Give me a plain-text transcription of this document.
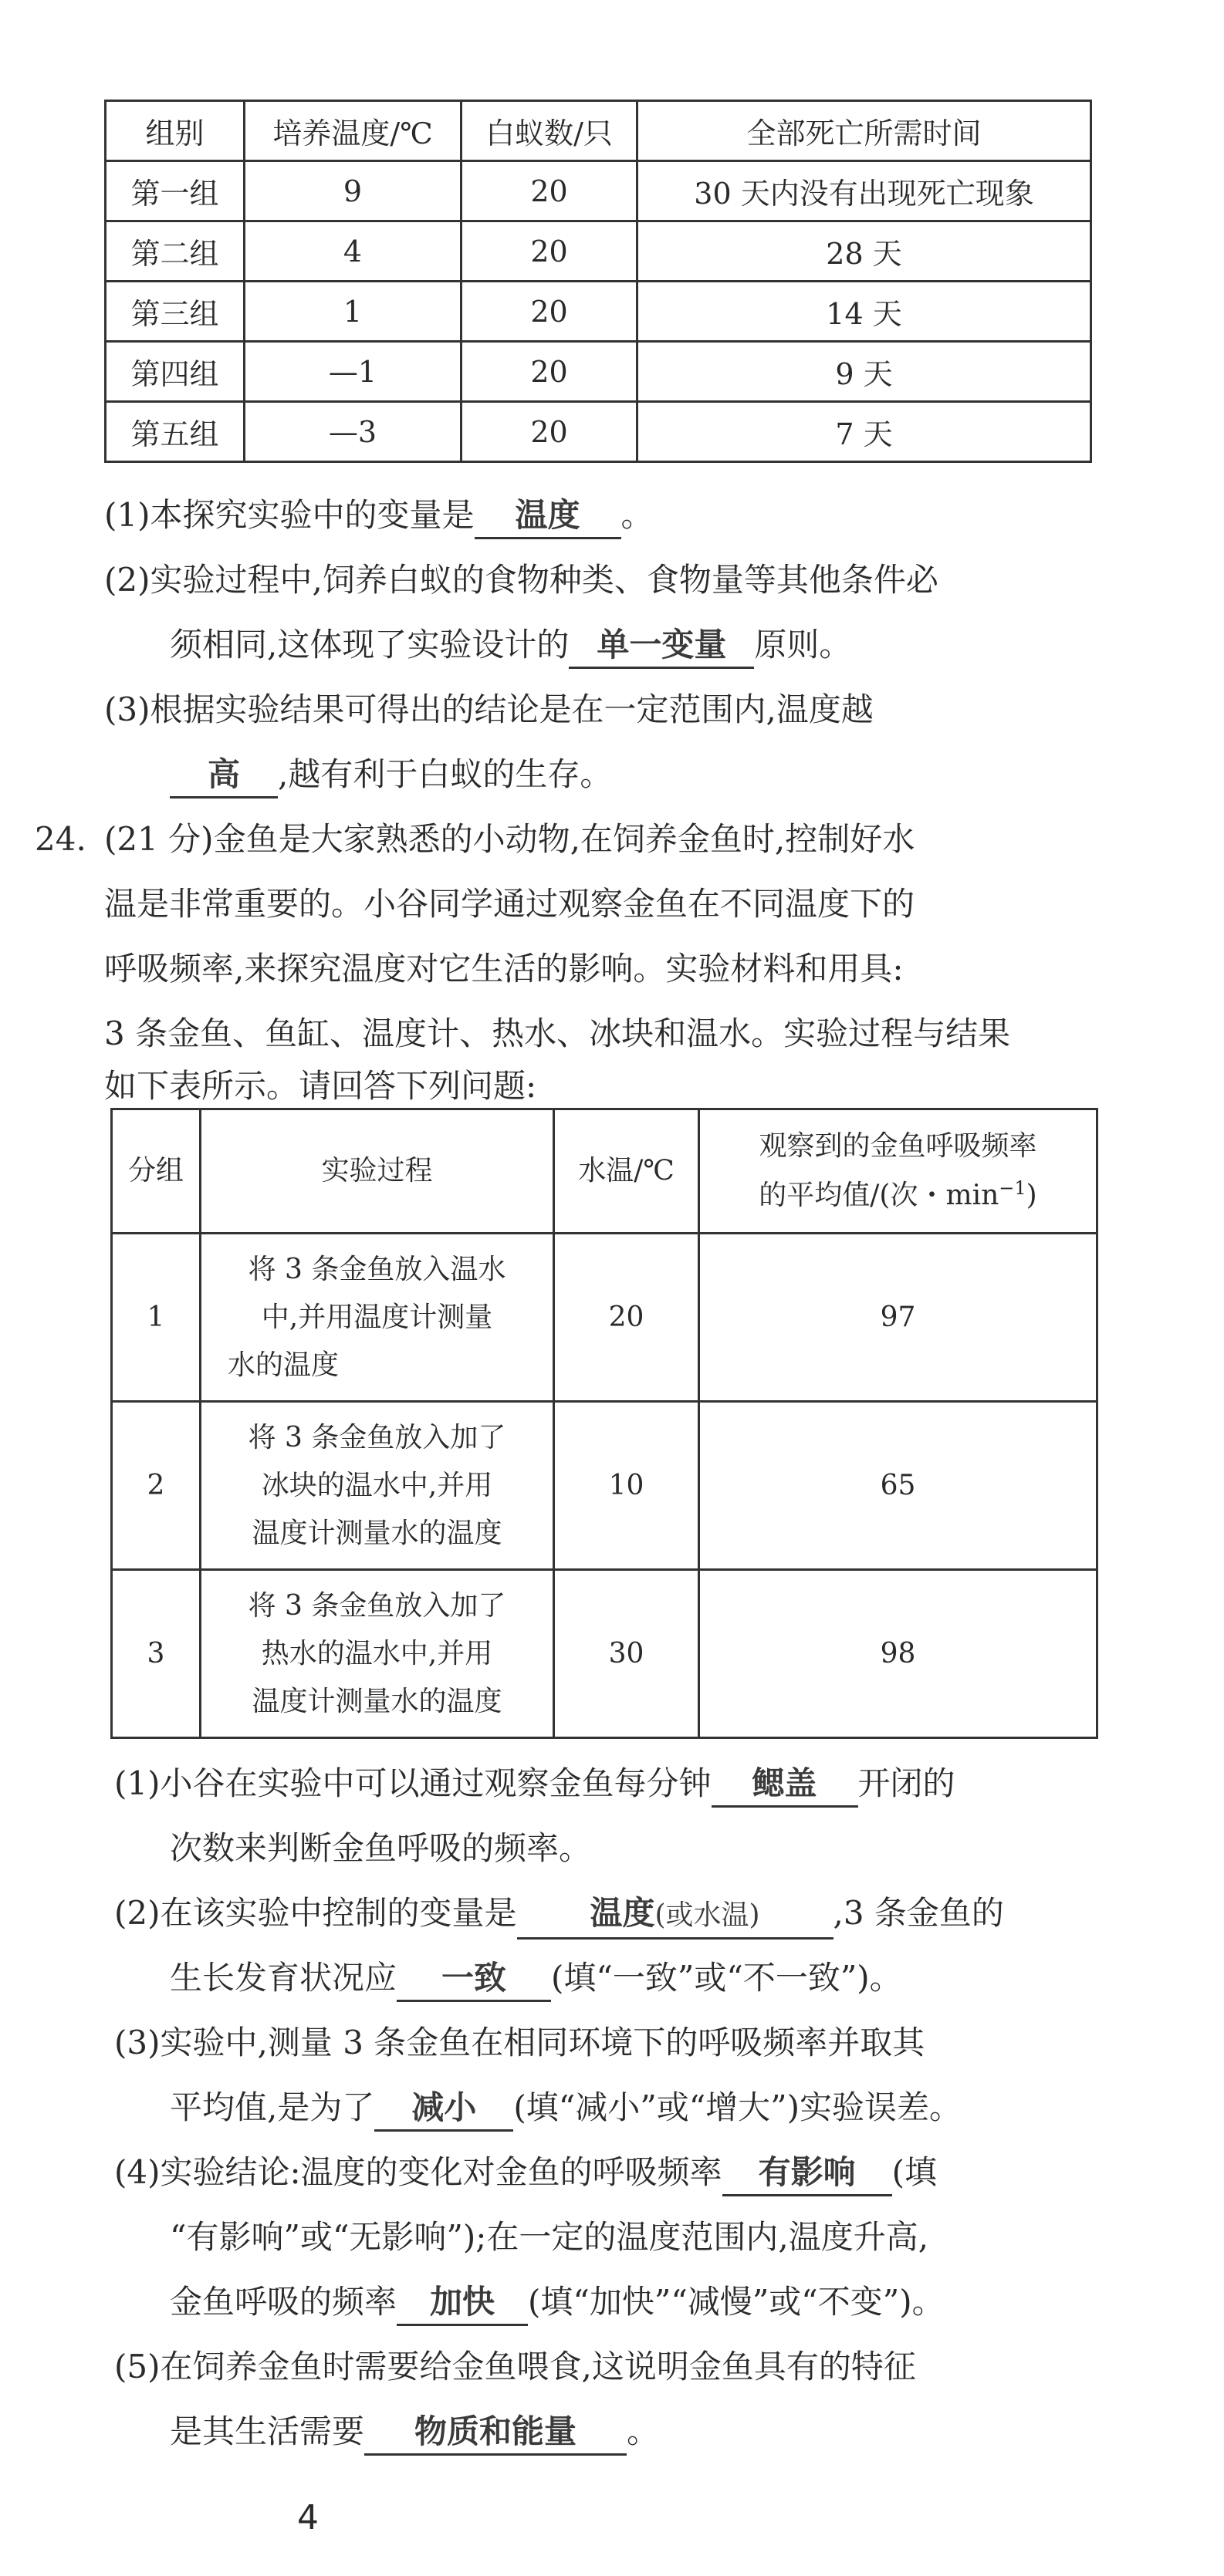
组别	培养温度/℃	白蚁数/只	全部死亡所需时间
第一组	9	20	30 天内没有出现死亡现象
第二组	4	20	28 天
第三组	1	20	14 天
第四组	—1	20	9 天
第五组	—3	20	7 天
(1)本探究实验中的变量是 温度 。
(2)实验过程中,饲养白蚁的食物种类、食物量等其他条件必
须相同,这体现了实验设计的 单一变量 原则。
(3)根据实验结果可得出的结论是在一定范围内,温度越
高 ,越有利于白蚁的生存。
24. (21 分)金鱼是大家熟悉的小动物,在饲养金鱼时,控制好水
温是非常重要的。小谷同学通过观察金鱼在不同温度下的
呼吸频率,来探究温度对它生活的影响。实验材料和用具:
3 条金鱼、鱼缸、温度计、热水、冰块和温水。实验过程与结果
如下表所示。请回答下列问题:
分组	实验过程	水温/℃	观察到的金鱼呼吸频率
的平均值/(次・$\min^{-1}$)

1	将 3 条金鱼放入温水
中,并用温度计测量
水的温度	20	97
2	将 3 条金鱼放入加了
冰块的温水中,并用
温度计测量水的温度	10	65
3	将 3 条金鱼放入加了
热水的温水中,并用
温度计测量水的温度	30	98
(1)小谷在实验中可以通过观察金鱼每分钟 鳃盖 开闭的
次数来判断金鱼呼吸的频率。
(2)在该实验中控制的变量是 温度(或水温) ,3 条金鱼的
生长发育状况应 一致 (填“一致”或“不一致”)。
(3)实验中,测量 3 条金鱼在相同环境下的呼吸频率并取其
平均值,是为了 减小 (填“减小”或“增大”)实验误差。
(4)实验结论:温度的变化对金鱼的呼吸频率 有影响 (填
“有影响”或“无影响”);在一定的温度范围内,温度升高,
金鱼呼吸的频率 加快 (填“加快”“减慢”或“不变”)。
(5)在饲养金鱼时需要给金鱼喂食,这说明金鱼具有的特征
是其生活需要 物质和能量 。
4
